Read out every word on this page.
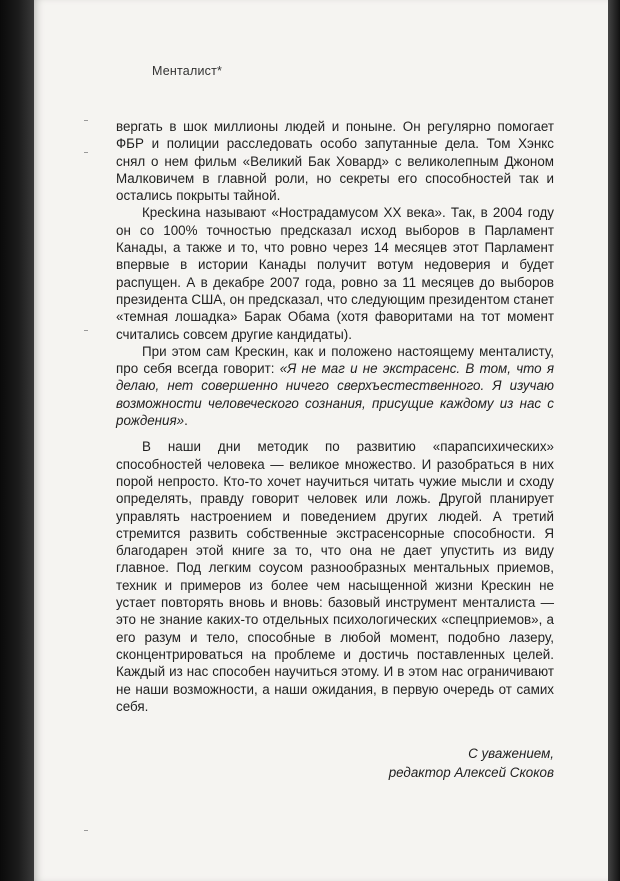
Менталист*

вергать в шок миллионы людей и поныне. Он регулярно помогает ФБР и полиции расследовать особо запутанные дела. Том Хэнкс снял о нем фильм «Великий Бак Ховард» с великолепным Джоном Малковичем в главной роли, но секреты его способностей так и остались покрыты тайной.

Кресkина называют «Нострадамусом XX века». Так, в 2004 году он со 100% точностью предсказал исход выборов в Парламент Канады, а также и то, что ровно через 14 месяцев этот Парламент впервые в истории Канады получит вотум недоверия и будет распущен. А в декабре 2007 года, ровно за 11 месяцев до выборов президента США, он предсказал, что следующим президентом станет «темная лошадка» Барак Обама (хотя фаворитами на тот момент считались совсем другие кандидаты).

При этом сам Крескин, как и положено настоящему менталисту, про себя всегда говорит: «Я не маг и не экстрасенс. В том, что я делаю, нет совершенно ничего сверхъестественного. Я изучаю возможности человеческого сознания, присущие каждому из нас с рождения».

В наши дни методик по развитию «парапсихических» способностей человека — великое множество. И разобраться в них порой непросто. Кто-то хочет научиться читать чужие мысли и сходу определять, правду говорит человек или ложь. Другой планирует управлять настроением и поведением других людей. А третий стремится развить собственные экстрасенсорные способности. Я благодарен этой книге за то, что она не дает упустить из виду главное. Под легким соусом разнообразных ментальных приемов, техник и примеров из более чем насыщенной жизни Крескин не устает повторять вновь и вновь: базовый инструмент менталиста — это не знание каких-то отдельных психологических «спецприемов», а его разум и тело, способные в любой момент, подобно лазеру, сконцентрироваться на проблеме и достичь поставленных целей. Каждый из нас способен научиться этому. И в этом нас ограничивают не наши возможности, а наши ожидания, в первую очередь от самих себя.

С уважением,
редактор Алексей Скоков
